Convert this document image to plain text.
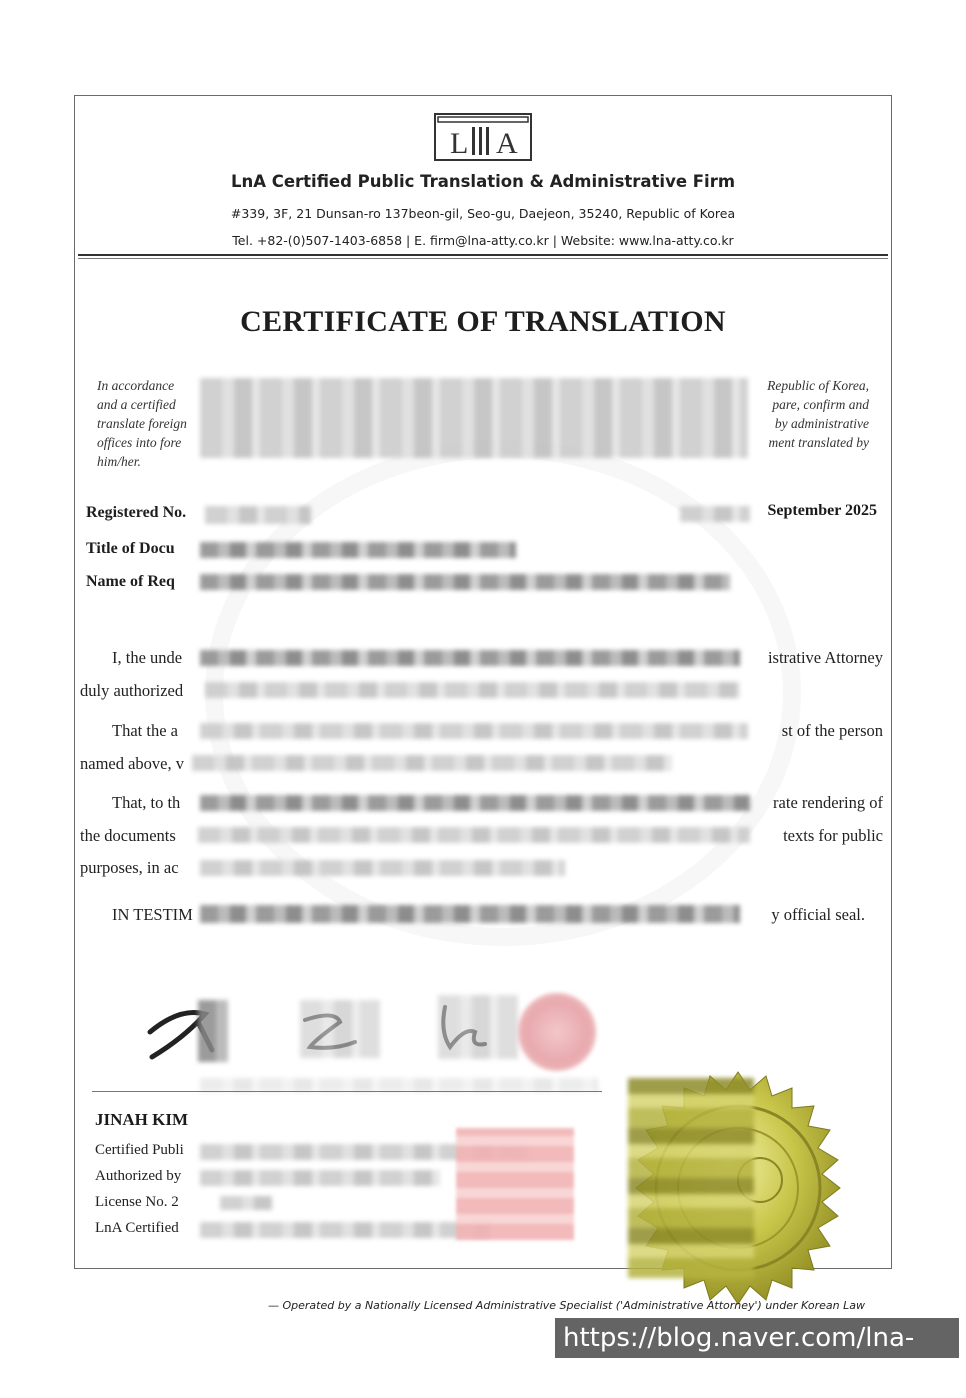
L A
LnA Certified Public Translation & Administrative Firm
#339, 3F, 21 Dunsan-ro 137beon-gil, Seo-gu, Daejeon, 35240, Republic of Korea
Tel. +82-(0)507-1403-6858 | E. firm@lna-atty.co.kr | Website: www.lna-atty.co.kr
CERTIFICATE OF TRANSLATION
In accordance	Republic of Korea,
and a certified	pare, confirm and
translate foreign	by administrative
offices into fore	ment translated by
him/her.
Registered No.	September 2025
Title of Docu
Name of Req
I, the unde	istrative Attorney
duly authorized
That the a	st of the person
named above, v
That, to th	rate rendering of
the documents	texts for public
purposes, in ac
IN TESTIM	y official seal.
JINAH KIM
Certified Publi
Authorized by
License No. 2
LnA Certified
— Operated by a Nationally Licensed Administrative Specialist ('Administrative Attorney') under Korean Law
https://blog.naver.com/lna-atty
